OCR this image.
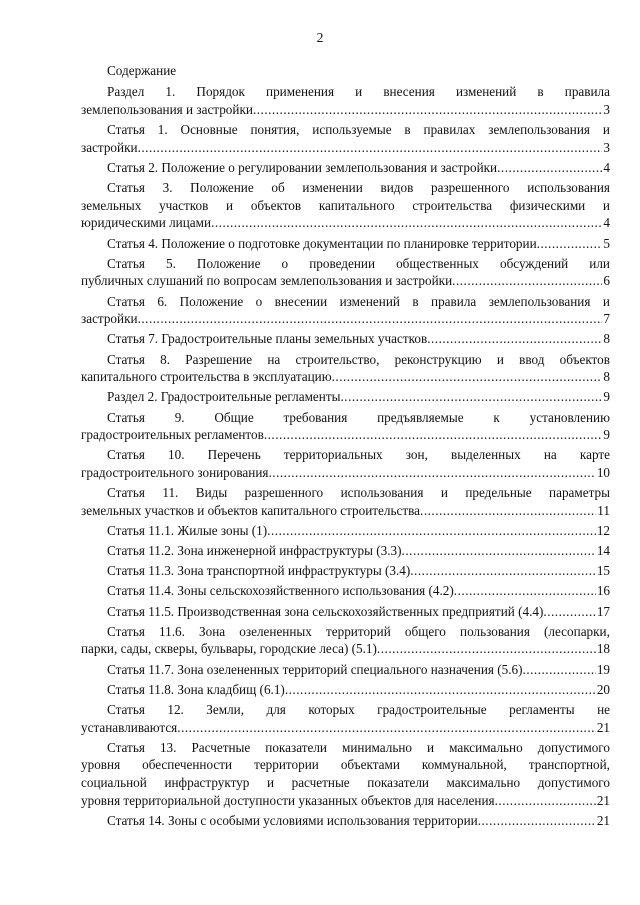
2
Содержание
Раздел 1. Порядок применения и внесения изменений в правила
землепользования и застройки .....	3
Статья 1. Основные понятия, используемые в правилах землепользования и
застройки .....	3
Статья 2. Положение о регулировании землепользования и застройки .....	4
Статья 3. Положение об изменении видов разрешенного использования
земельных участков и объектов капитального строительства физическими и
юридическими лицами .....	4
Статья 4. Положение о подготовке документации по планировке территории .....	5
Статья 5. Положение о проведении общественных обсуждений или
публичных слушаний по вопросам землепользования и застройки .....	6
Статья 6. Положение о внесении изменений в правила землепользования и
застройки .....	7
Статья 7. Градостроительные планы земельных участков .....	8
Статья 8. Разрешение на строительство, реконструкцию и ввод объектов
капитального строительства в эксплуатацию .....	8
Раздел 2. Градостроительные регламенты .....	9
Статья 9. Общие требования предъявляемые к установлению
градостроительных регламентов .....	9
Статья 10. Перечень территориальных зон, выделенных на карте
градостроительного зонирования .....	10
Статья 11. Виды разрешенного использования и предельные параметры
земельных участков и объектов капитального строительства .....	11
Статья 11.1. Жилые зоны (1) .....	12
Статья 11.2. Зона инженерной инфраструктуры (3.3) .....	14
Статья 11.3. Зона транспортной инфраструктуры (3.4) .....	15
Статья 11.4. Зоны сельскохозяйственного использования (4.2) .....	16
Статья 11.5. Производственная зона сельскохозяйственных предприятий (4.4) .....	17
Статья 11.6. Зона озелененных территорий общего пользования (лесопарки,
парки, сады, скверы, бульвары, городские леса) (5.1) .....	18
Статья 11.7. Зона озелененных территорий специального назначения (5.6) .....	19
Статья 11.8. Зона кладбищ (6.1) .....	20
Статья 12. Земли, для которых градостроительные регламенты не
устанавливаются .....	21
Статья 13. Расчетные показатели минимально и максимально допустимого
уровня обеспеченности территории объектами коммунальной, транспортной,
социальной инфраструктур и расчетные показатели максимально допустимого
уровня территориальной доступности указанных объектов для населения .....	21
Статья 14. Зоны с особыми условиями использования территории .....	21
